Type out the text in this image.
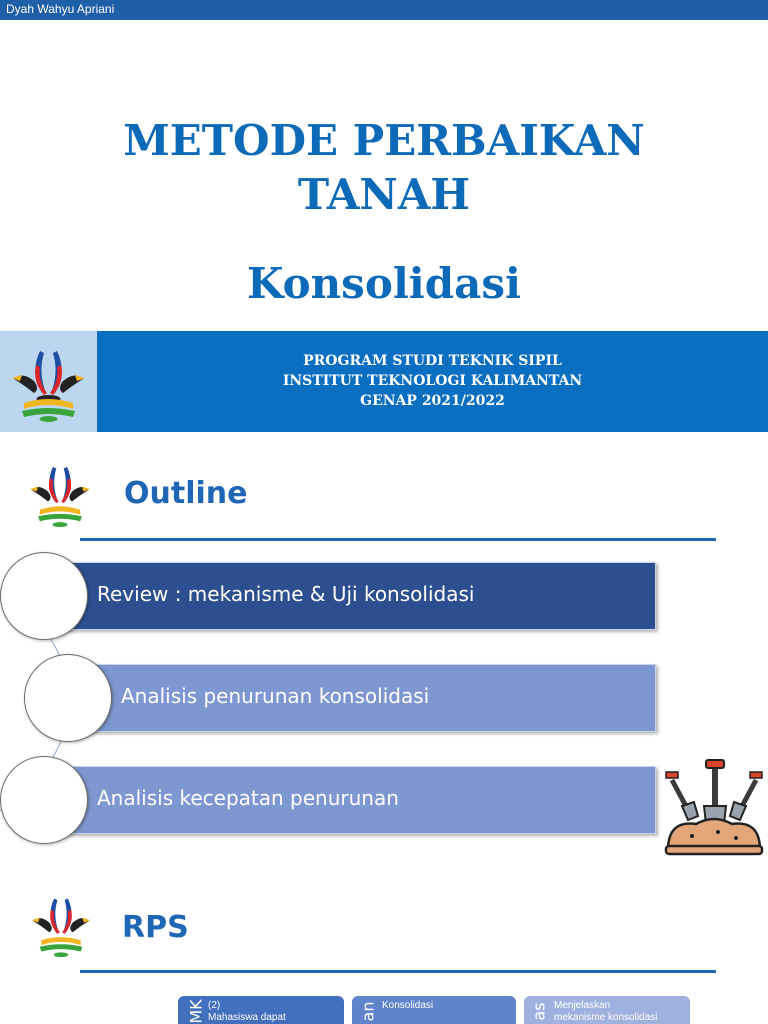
Dyah Wahyu Apriani
METODE PERBAIKAN
TANAH
Konsolidasi
PROGRAM STUDI TEKNIK SIPIL
INSTITUT TEKNOLOGI KALIMANTAN
GENAP 2021/2022
Outline
Review : mekanisme & Uji konsolidasi
Analisis penurunan konsolidasi
Analisis kecepatan penurunan
RPS
MK (2)
Mahasiswa dapat	an Konsolidasi	as Menjelaskan
mekanisme konsolidasi
